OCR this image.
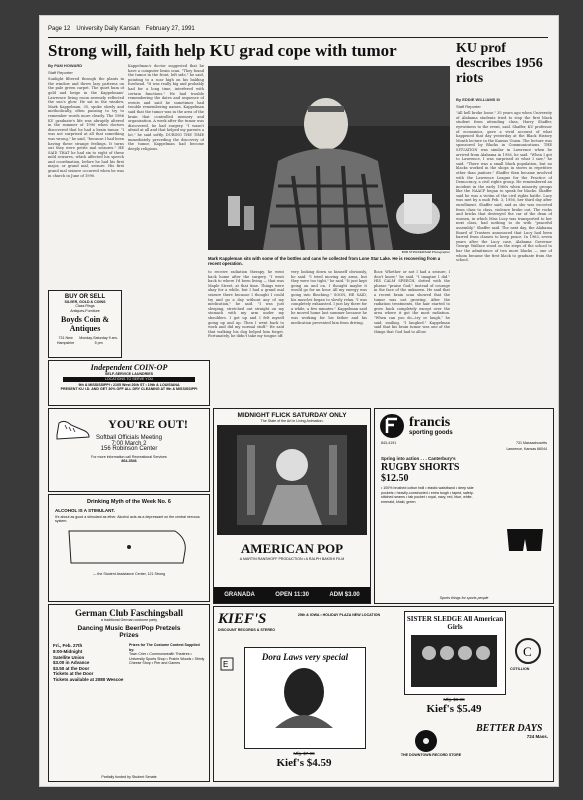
Page 12 University Daily Kansan February 27, 1991
Strong will, faith help KU grad cope with tumor
By PAM HOWARD
Staff Reporter

Sunlight filtered through the plants in the window and threw lazy patterns on the pale green carpet. The quiet hum of gold and beige in the Kappelmans' Lawrence living room serenely reflected the sun's glow. He sat in the window, Mark Kappelman, 35, spoke slowly and methodically, often pausing to try to remember words more clearly. The 1986 KU graduate's life was abruptly altered in the summer of 1990 when doctors discovered that he had a brain tumor. "I was not surprised at all that something was wrong," he said, "because I had been having these strange feelings. It turns out they were petite mal seizures." HE SAID THAT he had six to eight of these mild seizures, which affected his speech and coordination, before he had his first major, or grand mal, seizure. His first grand mal seizure occurred when he was in church in June of 1990.

Kappelman's doctor suggested that he have a computer brain scan. "They found the tumor in the front, left side," he said, pointing to a scar high on his balding forehead. "It was really big and probably had for a long time, interfered with certain functions." He had trouble remembering the dates and sequence of events and said he sometimes had trouble remembering names. Kappelman said that the tumor was in the area of the brain that controlled memory and organization. A week after the tumor was discovered, he had surgery. "I wasn't afraid at all and that helped my parents a lot," he said softly. DURING THE TIME immediately preceding the discovery of the tumor, Kappelman had become deeply religious.

BOB STRICKER/Staff Photographer
Mark Kappleman sits with some of the bottles and cans he collected from Lone Star Lake. He is recovering from a recent operation.

to receive radiation therapy, he went back home after the surgery. "I went back to where I'd been living — that was Maple Street, at that time. Things were okay for a while, but I had a grand mal seizure there because I thought I could try and go a day without any of my medication," he said. "I was just sleeping, stretched out straight on my stomach with my arm under my shoulders. I got up and I felt myself going up and up. Then I went back to work and did my normal stuff." He said that walking his dog helped him forget. Fortunately, he didn't take my tongue off.

very looking down so himself obviously, he said. "I tried moving my arms, but they were too tight," he said. "It just kept going on and on. I thought maybe it would go for an hour. All my energy was going into flinching." SOON, HE SAID, his muscles began to slowly relax. "I was completely exhausted. I just lay there for a while, a few minutes." Kappelman said he moved home last summer because he was working for his father and his medication prevented him from driving.

floor. Whether or not I had a seizure, I don't know," he said. "I imagine I did." HIS CALM SPEECH, dotted with the phrase "praise God," instead of courage in the face of the unknown. He said that a recent brain scan showed that the tumor was not growing. After the radiation treatments, the hair started to grow back completely except over the area where it got the most radiation. "When can you do—try or laugh," he said, smiling. "I laughed." Kappelman said that his brain tumor was one of the things that God had to allow.

KU prof describes 1956 riots
By EDDIE WILLIAMS III
Staff Reporter

"All hell broke loose." 35 years ago when University of Alabama students tried to stop the first black student from attending class, Harry Shaffer, eyewitness to the event, said. Shaffer, KU professor of economics, gave a vivid account of what happened that day yesterday at the Black History Month lecture in the Kansas Union. The lecture was sponsored by Blacks in Communications. THE SITUATION was similar in Lawrence when he arrived from Alabama in 1956, he said. "When I got to Lawrence, I was surprised at what I saw," he said. "There was a small black population, but no blacks worked in the shops in stores in repetitive other than janitors." Shaffer then became involved with the Lawrence League for the Practice of Democracy, a civil rights group. He remembered an incident in the early 1960s when minority groups like the NAACP began to speak for blacks. Shaffer said he was a victim of the civil rights battle. Lucy was met by a mob Feb. 3, 1956, her third day after enrollment. Shaffer said, and as she was escorted from class to class, violence broke out. The rocks and bricks that destroyed the car of the dean of women, in which Miss Lucy was transported to her next class, had nothing to do with "peaceful assembly," Shaffer said. The next day, the Alabama Board of Trustees announced that Lucy had been barred from classes to keep peace. In 1963, seven years after the Lucy case, Alabama Governor George Wallace stood on the steps of the school to bar the admittance of two more blacks — one of whom became the first black to graduate from the school.

BUY OR SELL
SILVER, GOLD & COINS
Class Rings
Antiques-Furniture
Boyds Coin & Antiques
731 New Hampshire
Monday-Saturday 9 am-5 pm
Independent COIN-OP
SELF-SERVICE LAUNDRIES
LOCATIONS TO SERVE YOU
9th & MISSISSIPPI • 2105 West 26th ST • 19th & LOUISIANA
PRESENT KU I.D. AND GET 30% OFF ALL DRY CLEANING AT 9th & MISSISSIPPI
YOU'RE OUT!
Softball Officials Meeting
7:00 March 2
156 Robinson Center
For more information call Recreational Services
864-3546
Drinking Myth of the Week No. 6
ALCOHOL IS A STIMULANT.
It's about as good a stimulant as ether. Alcohol acts as a depressant on the central nervous system.
— the Student Assistance Center, 121 Strong
German Club Faschingsball
a traditional German costume party
Dancing Music Beer/Pop Pretzels
Prizes
Fri., Feb. 27th
8:00-Midnight
Satellite Union
$3.00 in Advance
$3.50 at the Door
Tickets at the Door
Tickets available at 2080 Wescoe
Prizes for The Costume Contest Supplied by:
Town Crier • Commonwealth Theatres • University Sports Shop • Prairie Woods • Stimly Cheese Shop • Pier and Games
Partially funded by Student Senate
MIDNIGHT FLICK SATURDAY ONLY
The State of the Art in Living Animation.
AMERICAN POP
A MARTIN RANSHOFF PRODUCTION • A RALPH BAKSHI FILM
GRANADA	OPEN 11:30	ADM $3.00
francis
sporting goods
843-4191	731 Massachusetts
Lawrence, Kansas 66044
Spring into action . . . Canterbury's
RUGBY SHORTS
$12.50
• 100% brushed cotton twill • elastic waistband • deep side pockets • heavily-constructed • extra tough • taped, safety-stitched seams • tab pocket • royal, navy, red, blue, white, emerald, khaki, green
Sports things for sports people
KIEF'S
DISCOUNT RECORDS & STEREO
25th & IOWA • HOLIDAY PLAZA NEW LOCATION
E
Dora Laws very special
Mfg. $7.98
Kief's $4.59
SISTER SLEDGE All American Girls
C
COTILLION
Mfg. $8.98
Kief's $5.49
THE DOWNTOWN RECORD STORE
BETTER DAYS
724 Mass.
